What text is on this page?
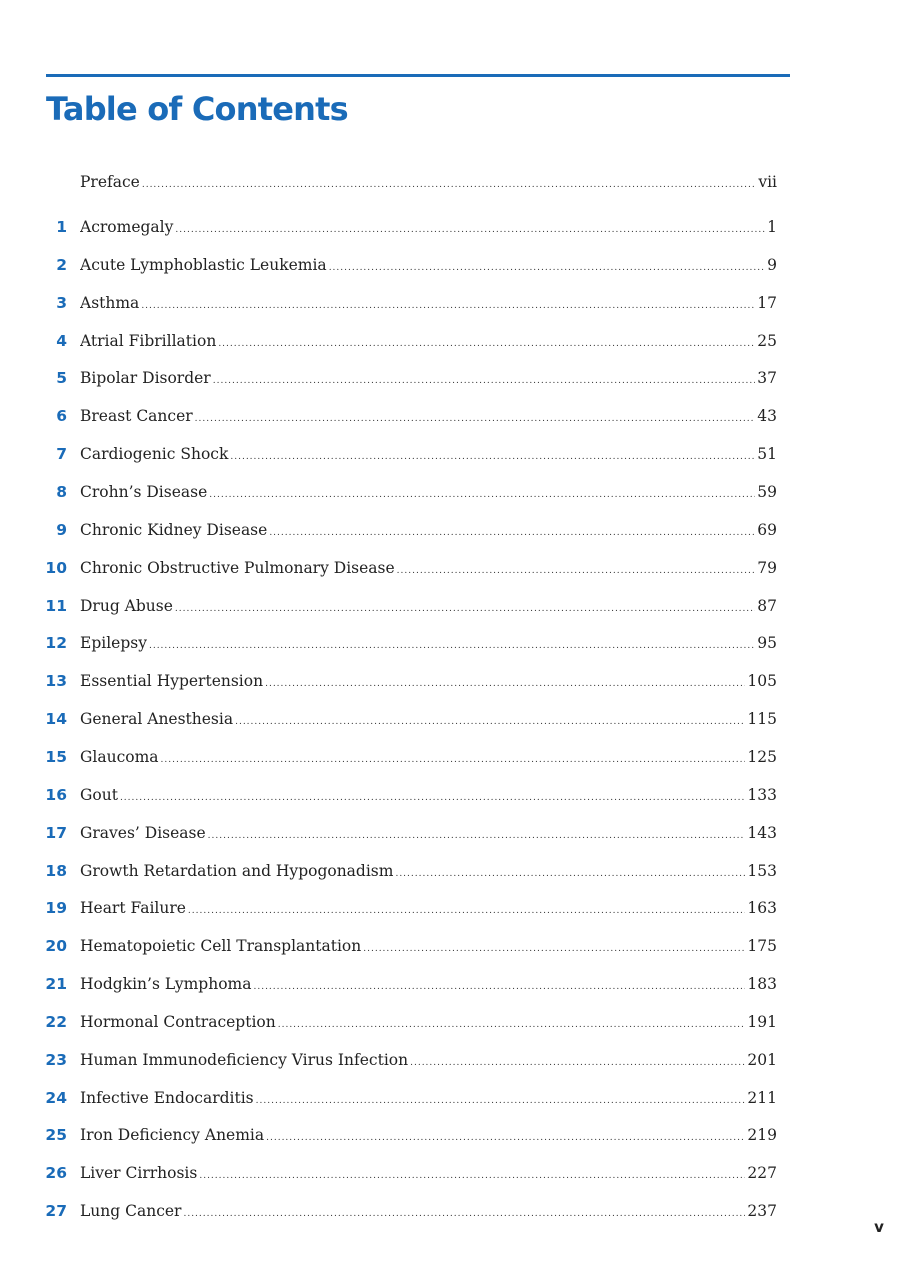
Table of Contents
Preface .....	vii
1 Acromegaly .....	1
2 Acute Lymphoblastic Leukemia .....	9
3 Asthma .....	17
4 Atrial Fibrillation .....	25
5 Bipolar Disorder .....	37
6 Breast Cancer .....	43
7 Cardiogenic Shock .....	51
8 Crohn’s Disease .....	59
9 Chronic Kidney Disease .....	69
10 Chronic Obstructive Pulmonary Disease .....	79
11 Drug Abuse .....	87
12 Epilepsy .....	95
13 Essential Hypertension .....	105
14 General Anesthesia .....	115
15 Glaucoma .....	125
16 Gout .....	133
17 Graves’ Disease .....	143
18 Growth Retardation and Hypogonadism .....	153
19 Heart Failure .....	163
20 Hematopoietic Cell Transplantation .....	175
21 Hodgkin’s Lymphoma .....	183
22 Hormonal Contraception .....	191
23 Human Immunodeficiency Virus Infection .....	201
24 Infective Endocarditis .....	211
25 Iron Deficiency Anemia .....	219
26 Liver Cirrhosis .....	227
27 Lung Cancer .....	237
v
